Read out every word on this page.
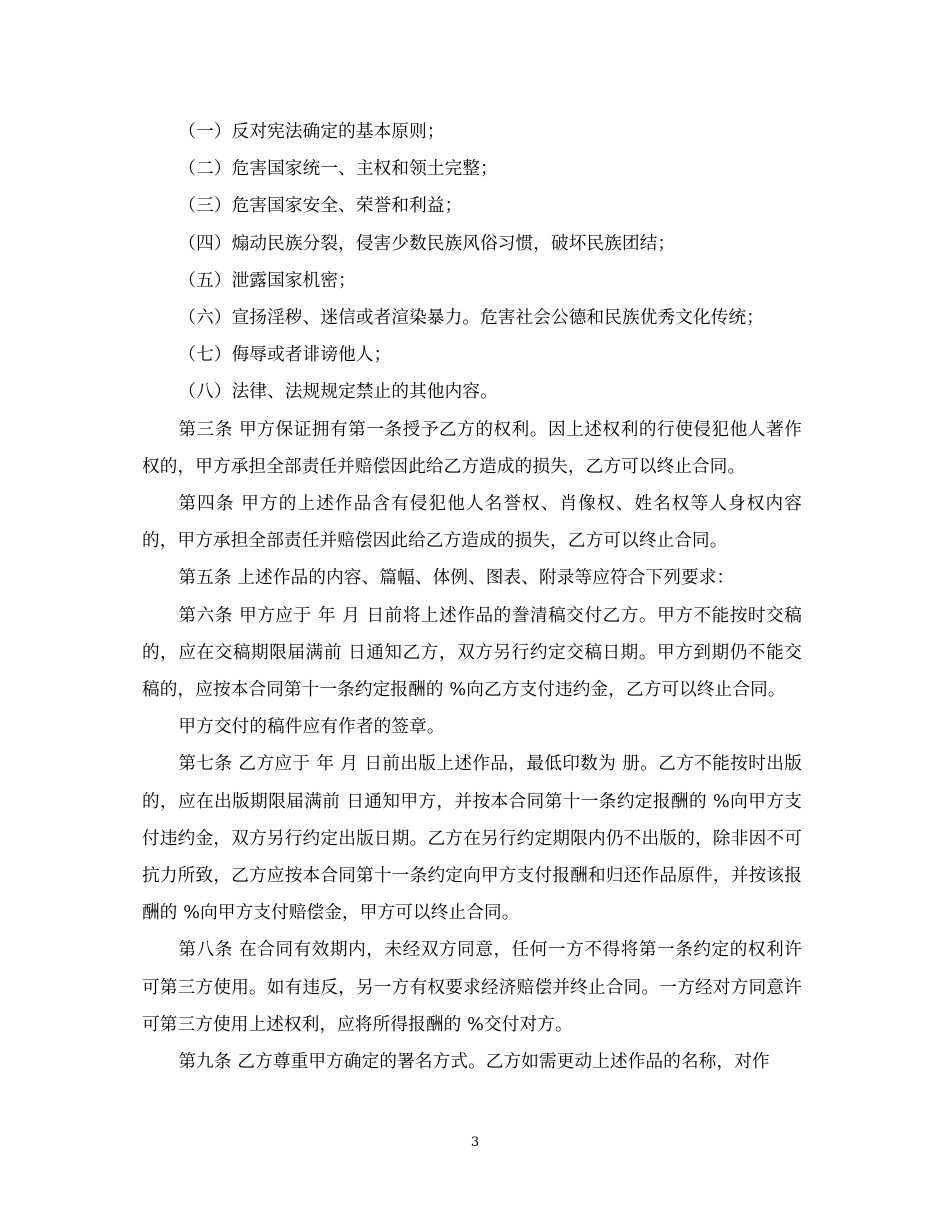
（一）反对宪法确定的基本原则；

（二）危害国家统一、主权和领土完整；

（三）危害国家安全、荣誉和利益；

（四）煽动民族分裂，侵害少数民族风俗习惯，破坏民族团结；

（五）泄露国家机密；

（六）宣扬淫秽、迷信或者渲染暴力。危害社会公德和民族优秀文化传统；

（七）侮辱或者诽谤他人；

（八）法律、法规规定禁止的其他内容。

第三条 甲方保证拥有第一条授予乙方的权利。因上述权利的行使侵犯他人著作权的，甲方承担全部责任并赔偿因此给乙方造成的损失，乙方可以终止合同。

第四条 甲方的上述作品含有侵犯他人名誉权、肖像权、姓名权等人身权内容的，甲方承担全部责任并赔偿因此给乙方造成的损失，乙方可以终止合同。

第五条 上述作品的内容、篇幅、体例、图表、附录等应符合下列要求：

第六条 甲方应于 年 月 日前将上述作品的誊清稿交付乙方。甲方不能按时交稿的，应在交稿期限届满前 日通知乙方，双方另行约定交稿日期。甲方到期仍不能交稿的，应按本合同第十一条约定报酬的 %向乙方支付违约金，乙方可以终止合同。

甲方交付的稿件应有作者的签章。

第七条 乙方应于 年 月 日前出版上述作品，最低印数为 册。乙方不能按时出版的，应在出版期限届满前 日通知甲方，并按本合同第十一条约定报酬的 %向甲方支付违约金，双方另行约定出版日期。乙方在另行约定期限内仍不出版的，除非因不可抗力所致，乙方应按本合同第十一条约定向甲方支付报酬和归还作品原件，并按该报酬的 %向甲方支付赔偿金，甲方可以终止合同。

第八条 在合同有效期内，未经双方同意，任何一方不得将第一条约定的权利许可第三方使用。如有违反，另一方有权要求经济赔偿并终止合同。一方经对方同意许可第三方使用上述权利，应将所得报酬的 %交付对方。

第九条 乙方尊重甲方确定的署名方式。乙方如需更动上述作品的名称，对作

3
